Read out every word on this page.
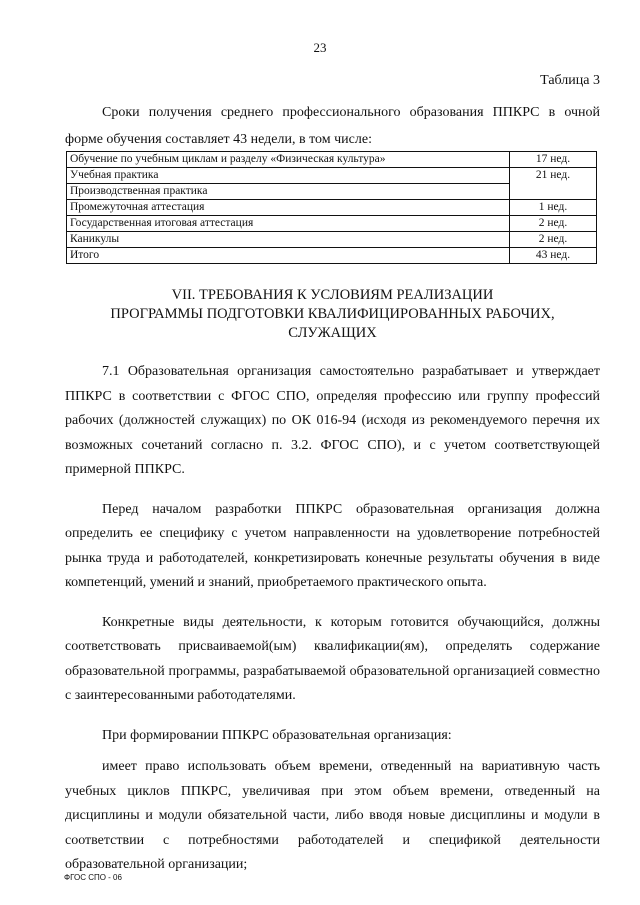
23
Таблица 3

Сроки получения среднего профессионального образования ППКРС в очной форме обучения составляет 43 недели, в том числе:

Обучение по учебным циклам и разделу «Физическая культура»	17 нед.
Учебная практика	21 нед.
Производственная практика	
Промежуточная аттестация	1 нед.
Государственная итоговая аттестация	2 нед.
Каникулы	2 нед.
Итого	43 нед.
VII. ТРЕБОВАНИЯ К УСЛОВИЯМ РЕАЛИЗАЦИИ
ПРОГРАММЫ ПОДГОТОВКИ КВАЛИФИЦИРОВАННЫХ РАБОЧИХ,
СЛУЖАЩИХ

7.1 Образовательная организация самостоятельно разрабатывает и утверждает ППКРС в соответствии с ФГОС СПО, определяя профессию или группу профессий рабочих (должностей служащих) по ОК 016-94 (исходя из рекомендуемого перечня их возможных сочетаний согласно п. 3.2. ФГОС СПО), и с учетом соответствующей примерной ППКРС.

Перед началом разработки ППКРС образовательная организация должна определить ее специфику с учетом направленности на удовлетворение потребностей рынка труда и работодателей, конкретизировать конечные результаты обучения в виде компетенций, умений и знаний, приобретаемого практического опыта.

Конкретные виды деятельности, к которым готовится обучающийся, должны соответствовать присваиваемой(ым) квалификации(ям), определять содержание образовательной программы, разрабатываемой образовательной организацией совместно с заинтересованными работодателями.

При формировании ППКРС образовательная организация:

имеет право использовать объем времени, отведенный на вариативную часть учебных циклов ППКРС, увеличивая при этом объем времени, отведенный на дисциплины и модули обязательной части, либо вводя новые дисциплины и модули в соответствии с потребностями работодателей и спецификой деятельности образовательной организации;

ФГОС СПО - 06
